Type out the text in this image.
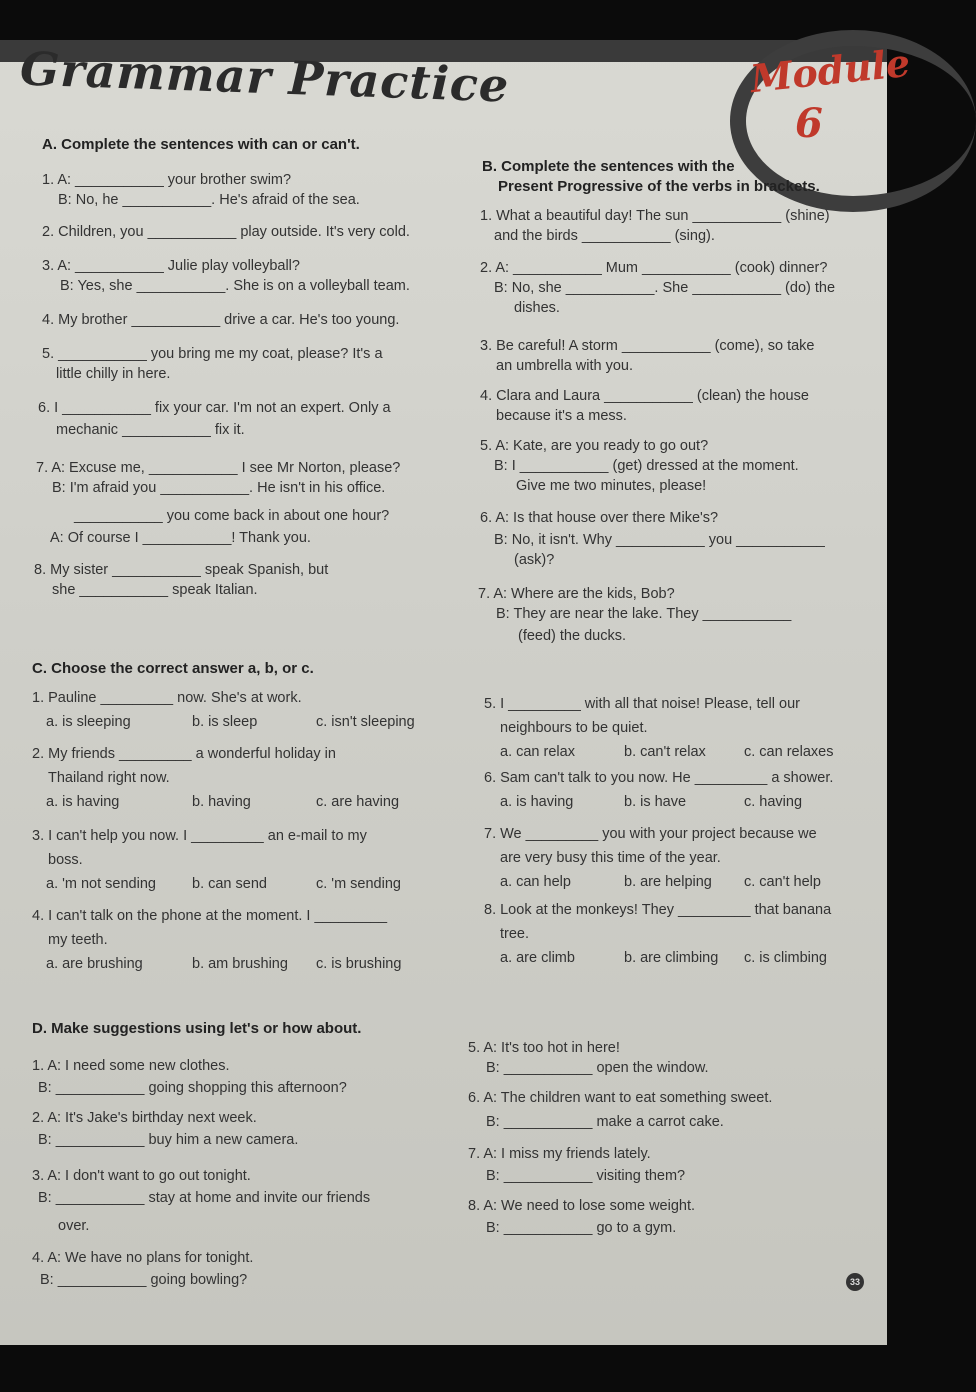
Grammar Practice	Module
6
A. Complete the sentences with can or can't.
1. A: ___________ your brother swim?
B: No, he ___________. He's afraid of the sea.
2. Children, you ___________ play outside. It's very cold.
3. A: ___________ Julie play volleyball?
B: Yes, she ___________. She is on a volleyball team.
4. My brother ___________ drive a car. He's too young.
5. ___________ you bring me my coat, please? It's a
little chilly in here.
6. I ___________ fix your car. I'm not an expert. Only a
mechanic ___________ fix it.
7. A: Excuse me, ___________ I see Mr Norton, please?
B: I'm afraid you ___________. He isn't in his office.
___________ you come back in about one hour?
A: Of course I ___________! Thank you.
8. My sister ___________ speak Spanish, but
she ___________ speak Italian.
B. Complete the sentences with the
Present Progressive of the verbs in brackets.
1. What a beautiful day! The sun ___________ (shine)
and the birds ___________ (sing).
2. A: ___________ Mum ___________ (cook) dinner?
B: No, she ___________. She ___________ (do) the
dishes.
3. Be careful! A storm ___________ (come), so take
an umbrella with you.
4. Clara and Laura ___________ (clean) the house
because it's a mess.
5. A: Kate, are you ready to go out?
B: I ___________ (get) dressed at the moment.
Give me two minutes, please!
6. A: Is that house over there Mike's?
B: No, it isn't. Why ___________ you ___________
(ask)?
7. A: Where are the kids, Bob?
B: They are near the lake. They ___________
(feed) the ducks.
C. Choose the correct answer a, b, or c.
1. Pauline _________ now. She's at work.
a. is sleeping	b. is sleep	c. isn't sleeping
2. My friends _________ a wonderful holiday in
Thailand right now.
a. is having	b. having	c. are having
3. I can't help you now. I _________ an e-mail to my
boss.
a. 'm not sending b. can send	c. 'm sending
4. I can't talk on the phone at the moment. I _________
my teeth.
a. are brushing	b. am brushing c. is brushing
5. I _________ with all that noise! Please, tell our
neighbours to be quiet.
a. can relax	b. can't relax	c. can relaxes
6. Sam can't talk to you now. He _________ a shower.
a. is having	b. is have	c. having
7. We _________ you with your project because we
are very busy this time of the year.
a. can help	b. are helping c. can't help
8. Look at the monkeys! They _________ that banana
tree.
a. are climb	b. are climbing c. is climbing
D. Make suggestions using let's or how about.
1. A: I need some new clothes.
B: ___________ going shopping this afternoon?
2. A: It's Jake's birthday next week.
B: ___________ buy him a new camera.
3. A: I don't want to go out tonight.
B: ___________ stay at home and invite our friends
over.
4. A: We have no plans for tonight.
B: ___________ going bowling?
5. A: It's too hot in here!
B: ___________ open the window.
6. A: The children want to eat something sweet.
B: ___________ make a carrot cake.
7. A: I miss my friends lately.
B: ___________ visiting them?
8. A: We need to lose some weight.
B: ___________ go to a gym.
33
